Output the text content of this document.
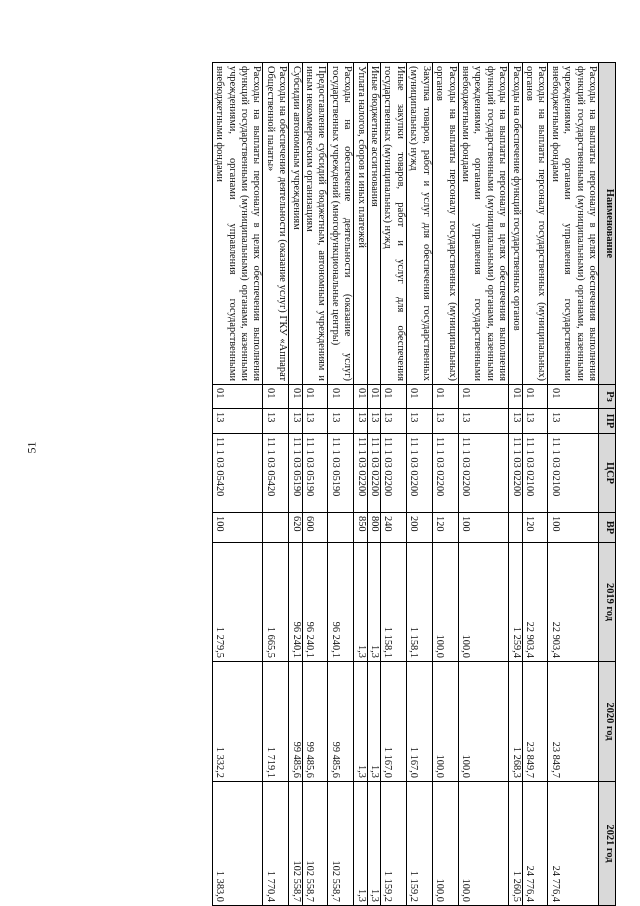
51
Наименование	Рз	ПР	ЦСР	ВР	2019 год	2020 год	2021 год
Расходы на выплаты персоналу в целях обеспечения выполнения функций государственными (муниципальными) органами, казенными учреждениями, органами управления государственными внебюджетными фондами	01	13	11 1 03 02100	100	22 903,4	23 849,7	24 776,4
Расходы на выплаты персоналу государственных (муниципальных) органов	01	13	11 1 03 02100	120	22 903,4	23 849,7	24 776,4
Расходы на обеспечение функций государственных органов	01	13	11 1 03 02200		1 259,4	1 268,3	1 260,5
Расходы на выплаты персоналу в целях обеспечения выполнения функций государственными (муниципальными) органами, казенными учреждениями, органами управления государственными внебюджетными фондами	01	13	11 1 03 02200	100	100,0	100,0	100,0
Расходы на выплаты персоналу государственных (муниципальных) органов	01	13	11 1 03 02200	120	100,0	100,0	100,0
Закупка товаров, работ и услуг для обеспечения государственных (муниципальных) нужд	01	13	11 1 03 02200	200	1 158,1	1 167,0	1 159,2
Иные закупки товаров, работ и услуг для обеспечения государственных (муниципальных) нужд	01	13	11 1 03 02200	240	1 158,1	1 167,0	1 159,2
Иные бюджетные ассигнования	01	13	11 1 03 02200	800	1,3	1,3	1,3
Уплата налогов, сборов и иных платежей	01	13	11 1 03 02200	850	1,3	1,3	1,3
Расходы на обеспечение деятельности (оказание услуг) государственных учреждений (многофункциональные центры)	01	13	11 1 03 05190		96 240,1	99 485,6	102 558,7
Предоставление субсидий бюджетным, автономным учреждениям и иным некоммерческим организациям	01	13	11 1 03 05190	600	96 240,1	99 485,6	102 558,7
Субсидии автономным учреждениям	01	13	11 1 03 05190	620	96 240,1	99 485,6	102 558,7
Расходы на обеспечение деятельности (оказание услуг) ГКУ «Аппарат Общественной палаты»	01	13	11 1 03 05420		1 665,5	1 719,1	1 770,4
Расходы на выплаты персоналу в целях обеспечения выполнения функций государственными (муниципальными) органами, казенными учреждениями, органами управления государственными внебюджетными фондами	01	13	11 1 03 05420	100	1 279,5	1 332,2	1 383,0
